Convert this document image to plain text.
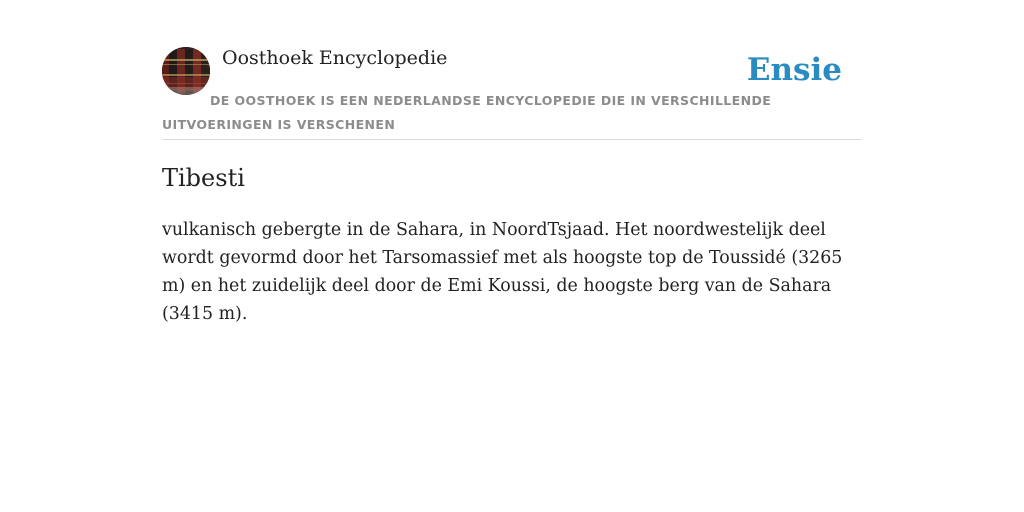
Oosthoek Encyclopedie	Ensie

DE OOSTHOEK IS EEN NEDERLANDSE ENCYCLOPEDIE DIE IN VERSCHILLENDE UITVOERINGEN IS VERSCHENEN

Tibesti

vulkanisch gebergte in de Sahara, in NoordTsjaad. Het noordwestelijk deel wordt gevormd door het Tarsomassief met als hoogste top de Toussidé (3265 m) en het zuidelijk deel door de Emi Koussi, de hoogste berg van de Sahara (3415 m).
